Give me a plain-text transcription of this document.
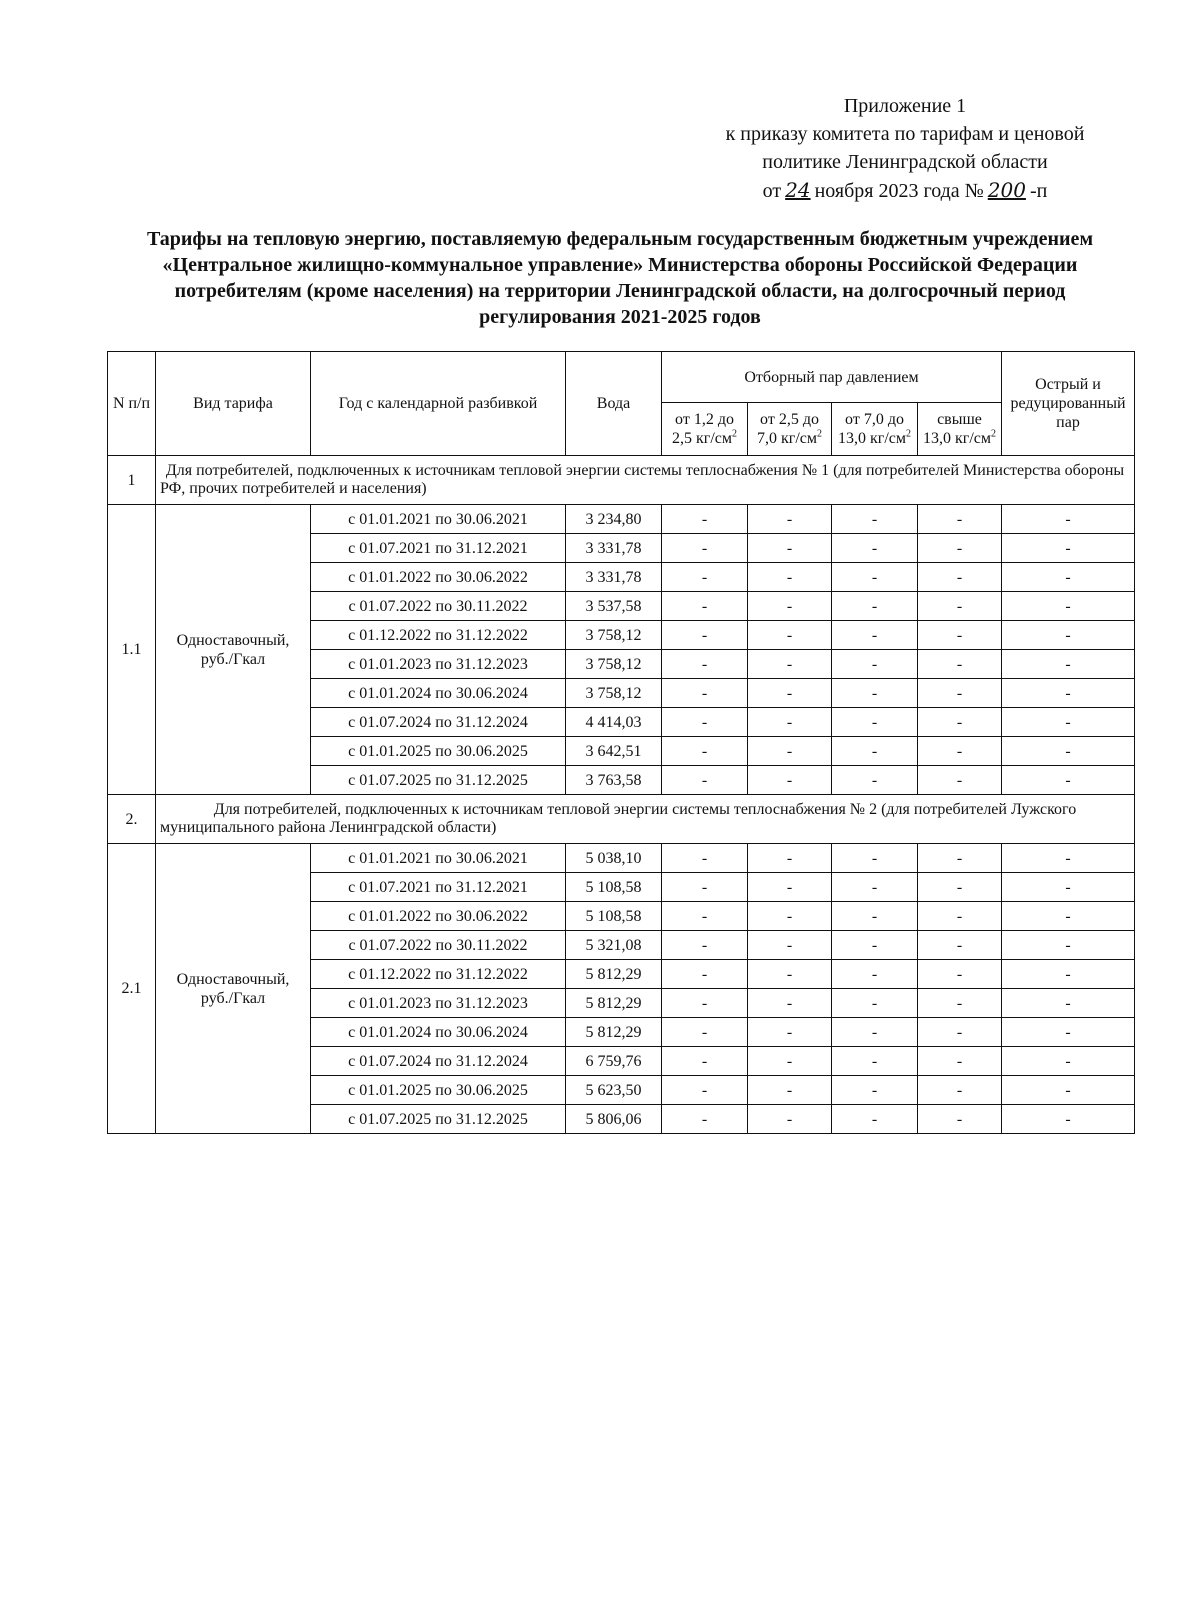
Приложение 1
к приказу комитета по тарифам и ценовой
политике Ленинградской области
от 24 ноября 2023 года № 200 -п
Тарифы на тепловую энергию, поставляемую федеральным государственным бюджетным учреждением «Центральное жилищно-коммунальное управление» Министерства обороны Российской Федерации потребителям (кроме населения) на территории Ленинградской области, на долгосрочный период регулирования 2021-2025 годов
N п/п	Вид тарифа	Год с календарной разбивкой	Вода	Отборный пар давлением				Острый и редуцированный пар
				от 1,2 до 2,5 $кг/см^2$	от 2,5 до 7,0 $кг/см^2$	от 7,0 до 13,0 $кг/см^2$	свыше 13,0 $кг/см^2$
1	Для потребителей, подключенных к источникам тепловой энергии системы теплоснабжения № 1 (для потребителей Министерства обороны РФ, прочих потребителей и населения)							
1.1	Одноставочный, руб./Гкал	с 01.01.2021 по 30.06.2021	3 234,80	-	-	-	-	-
		с 01.07.2021 по 31.12.2021	3 331,78	-	-	-	-	-
		с 01.01.2022 по 30.06.2022	3 331,78	-	-	-	-	-
		с 01.07.2022 по 30.11.2022	3 537,58	-	-	-	-	-
		с 01.12.2022 по 31.12.2022	3 758,12	-	-	-	-	-
		с 01.01.2023 по 31.12.2023	3 758,12	-	-	-	-	-
		с 01.01.2024 по 30.06.2024	3 758,12	-	-	-	-	-
		с 01.07.2024 по 31.12.2024	4 414,03	-	-	-	-	-
		с 01.01.2025 по 30.06.2025	3 642,51	-	-	-	-	-
		с 01.07.2025 по 31.12.2025	3 763,58	-	-	-	-	-
2.	Для потребителей, подключенных к источникам тепловой энергии системы теплоснабжения № 2 (для потребителей Лужского муниципального района Ленинградской области)							
2.1	Одноставочный, руб./Гкал	с 01.01.2021 по 30.06.2021	5 038,10	-	-	-	-	-
		с 01.07.2021 по 31.12.2021	5 108,58	-	-	-	-	-
		с 01.01.2022 по 30.06.2022	5 108,58	-	-	-	-	-
		с 01.07.2022 по 30.11.2022	5 321,08	-	-	-	-	-
		с 01.12.2022 по 31.12.2022	5 812,29	-	-	-	-	-
		с 01.01.2023 по 31.12.2023	5 812,29	-	-	-	-	-
		с 01.01.2024 по 30.06.2024	5 812,29	-	-	-	-	-
		с 01.07.2024 по 31.12.2024	6 759,76	-	-	-	-	-
		с 01.01.2025 по 30.06.2025	5 623,50	-	-	-	-	-
		с 01.07.2025 по 31.12.2025	5 806,06	-	-	-	-	-
